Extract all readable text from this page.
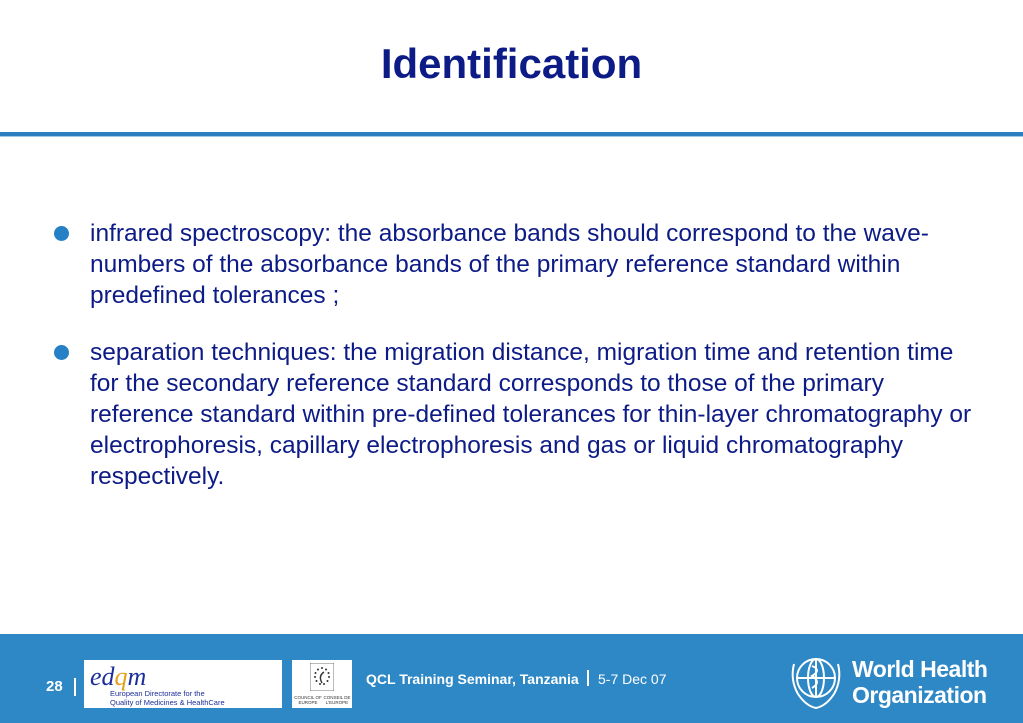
Identification
infrared spectroscopy: the absorbance bands should correspond to the wave-numbers of the absorbance bands of the primary reference standard within predefined tolerances ;
separation techniques: the migration distance, migration time and retention time for the secondary reference standard corresponds to those of the primary reference standard within pre-defined tolerances for thin-layer chromatography or electrophoresis, capillary electrophoresis and gas or liquid chromatography respectively.
28 edqm
European Directorate for the
Quality of Medicines & HealthCare
COUNCIL OF EUROPE
CONSEIL DE L'EUROPE
QCL Training Seminar, Tanzania 5-7 Dec 07	World Health
Organization
